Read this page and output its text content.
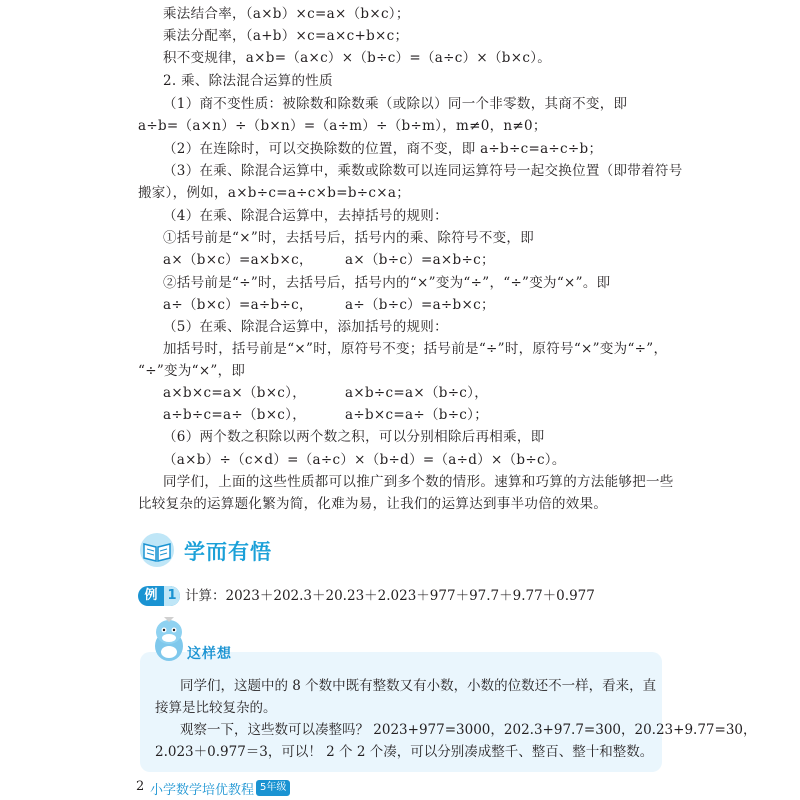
乘法结合率，（a×b）×c=a×（b×c）；
乘法分配率，（a+b）×c=a×c+b×c；
积不变规律，a×b=（a×c）×（b÷c）=（a÷c）×（b×c）。
2. 乘、除法混合运算的性质
（1）商不变性质：被除数和除数乘（或除以）同一个非零数，其商不变，即
a÷b=（a×n）÷（b×n）=（a÷m）÷（b÷m），m≠0，n≠0；
（2）在连除时，可以交换除数的位置，商不变，即 a÷b÷c=a÷c÷b；
（3）在乘、除混合运算中，乘数或除数可以连同运算符号一起交换位置（即带着符号
搬家），例如，a×b÷c=a÷c×b=b÷c×a；
（4）在乘、除混合运算中，去掉括号的规则：
①括号前是“×”时，去括号后，括号内的乘、除符号不变，即
a×（b×c）=a×b×c， a×（b÷c）=a×b÷c；
②括号前是“÷”时，去括号后，括号内的“×”变为“÷”，“÷”变为“×”。即
a÷（b×c）=a÷b÷c， a÷（b÷c）=a÷b×c；
（5）在乘、除混合运算中，添加括号的规则：
加括号时，括号前是“×”时，原符号不变；括号前是“÷”时，原符号“×”变为“÷”，
“÷”变为“×”，即
a×b×c=a×（b×c），	a×b÷c=a×（b÷c），
a÷b÷c=a÷（b×c），	a÷b×c=a÷（b÷c）；
（6）两个数之积除以两个数之积，可以分别相除后再相乘，即
（a×b）÷（c×d）=（a÷c）×（b÷d）=（a÷d）×（b÷c）。
同学们，上面的这些性质都可以推广到多个数的情形。速算和巧算的方法能够把一些
比较复杂的运算题化繁为简，化难为易，让我们的运算达到事半功倍的效果。
学而有悟
例 1 计算：2023＋202.3＋20.23＋2.023＋977＋97.7＋9.77＋0.977
这样想
同学们，这题中的 8 个数中既有整数又有小数，小数的位数还不一样，看来，直
接算是比较复杂的。
观察一下，这些数可以凑整吗？ 2023+977=3000，202.3+97.7=300，20.23+9.77=30，
2.023＋0.977＝3，可以！ 2 个 2 个凑，可以分别凑成整千、整百、整十和整数。
2 小学数学培优教程 5年级
